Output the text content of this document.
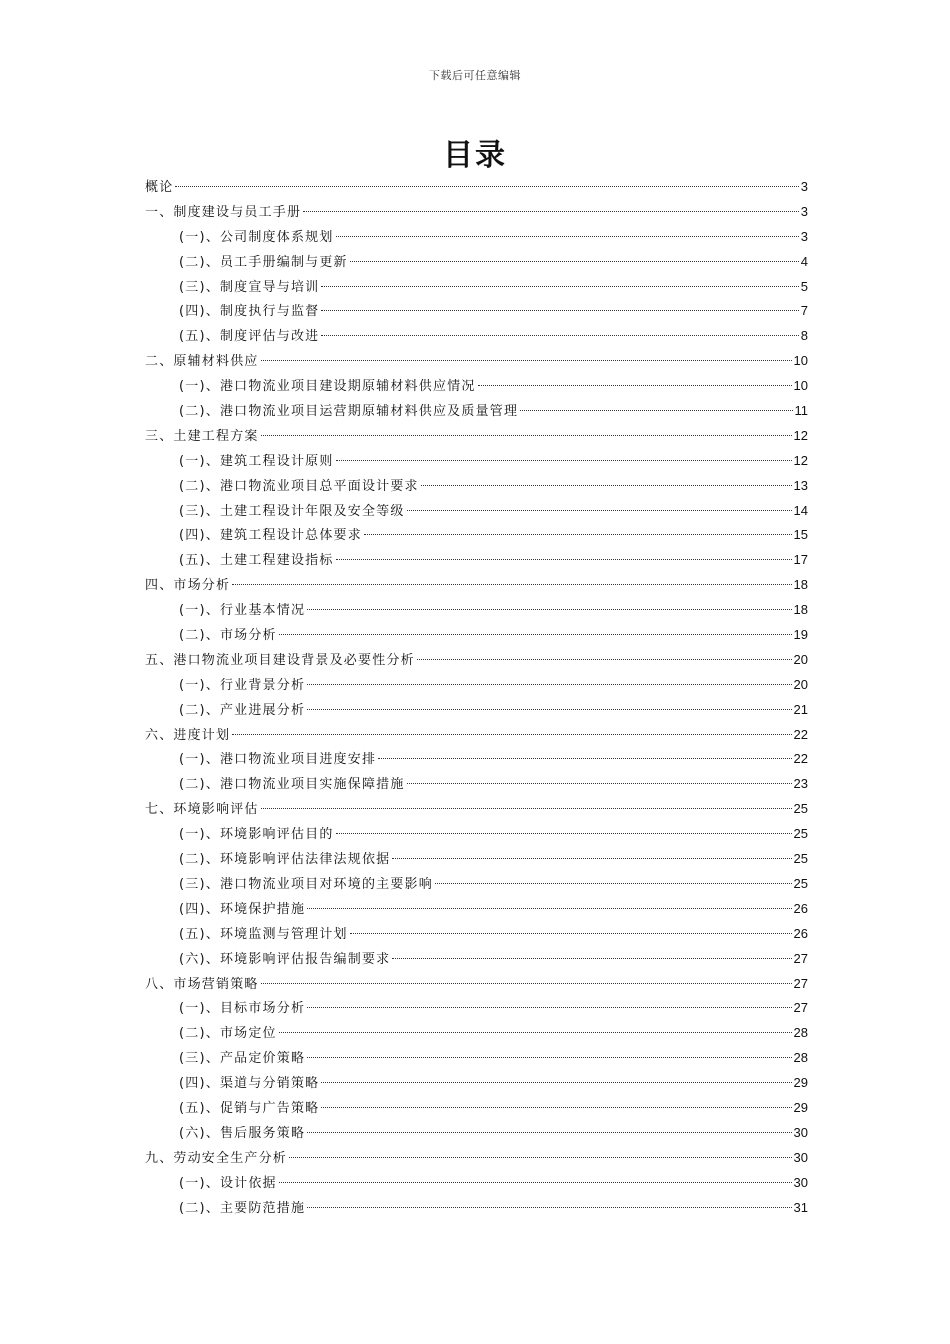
下载后可任意编辑
目录
概论	3
一、制度建设与员工手册	3
(一)、公司制度体系规划	3
(二)、员工手册编制与更新	4
(三)、制度宣导与培训	5
(四)、制度执行与监督	7
(五)、制度评估与改进	8
二、原辅材料供应	10
(一)、港口物流业项目建设期原辅材料供应情况	10
(二)、港口物流业项目运营期原辅材料供应及质量管理	11
三、土建工程方案	12
(一)、建筑工程设计原则	12
(二)、港口物流业项目总平面设计要求	13
(三)、土建工程设计年限及安全等级	14
(四)、建筑工程设计总体要求	15
(五)、土建工程建设指标	17
四、市场分析	18
(一)、行业基本情况	18
(二)、市场分析	19
五、港口物流业项目建设背景及必要性分析	20
(一)、行业背景分析	20
(二)、产业进展分析	21
六、进度计划	22
(一)、港口物流业项目进度安排	22
(二)、港口物流业项目实施保障措施	23
七、环境影响评估	25
(一)、环境影响评估目的	25
(二)、环境影响评估法律法规依据	25
(三)、港口物流业项目对环境的主要影响	25
(四)、环境保护措施	26
(五)、环境监测与管理计划	26
(六)、环境影响评估报告编制要求	27
八、市场营销策略	27
(一)、目标市场分析	27
(二)、市场定位	28
(三)、产品定价策略	28
(四)、渠道与分销策略	29
(五)、促销与广告策略	29
(六)、售后服务策略	30
九、劳动安全生产分析	30
(一)、设计依据	30
(二)、主要防范措施	31
